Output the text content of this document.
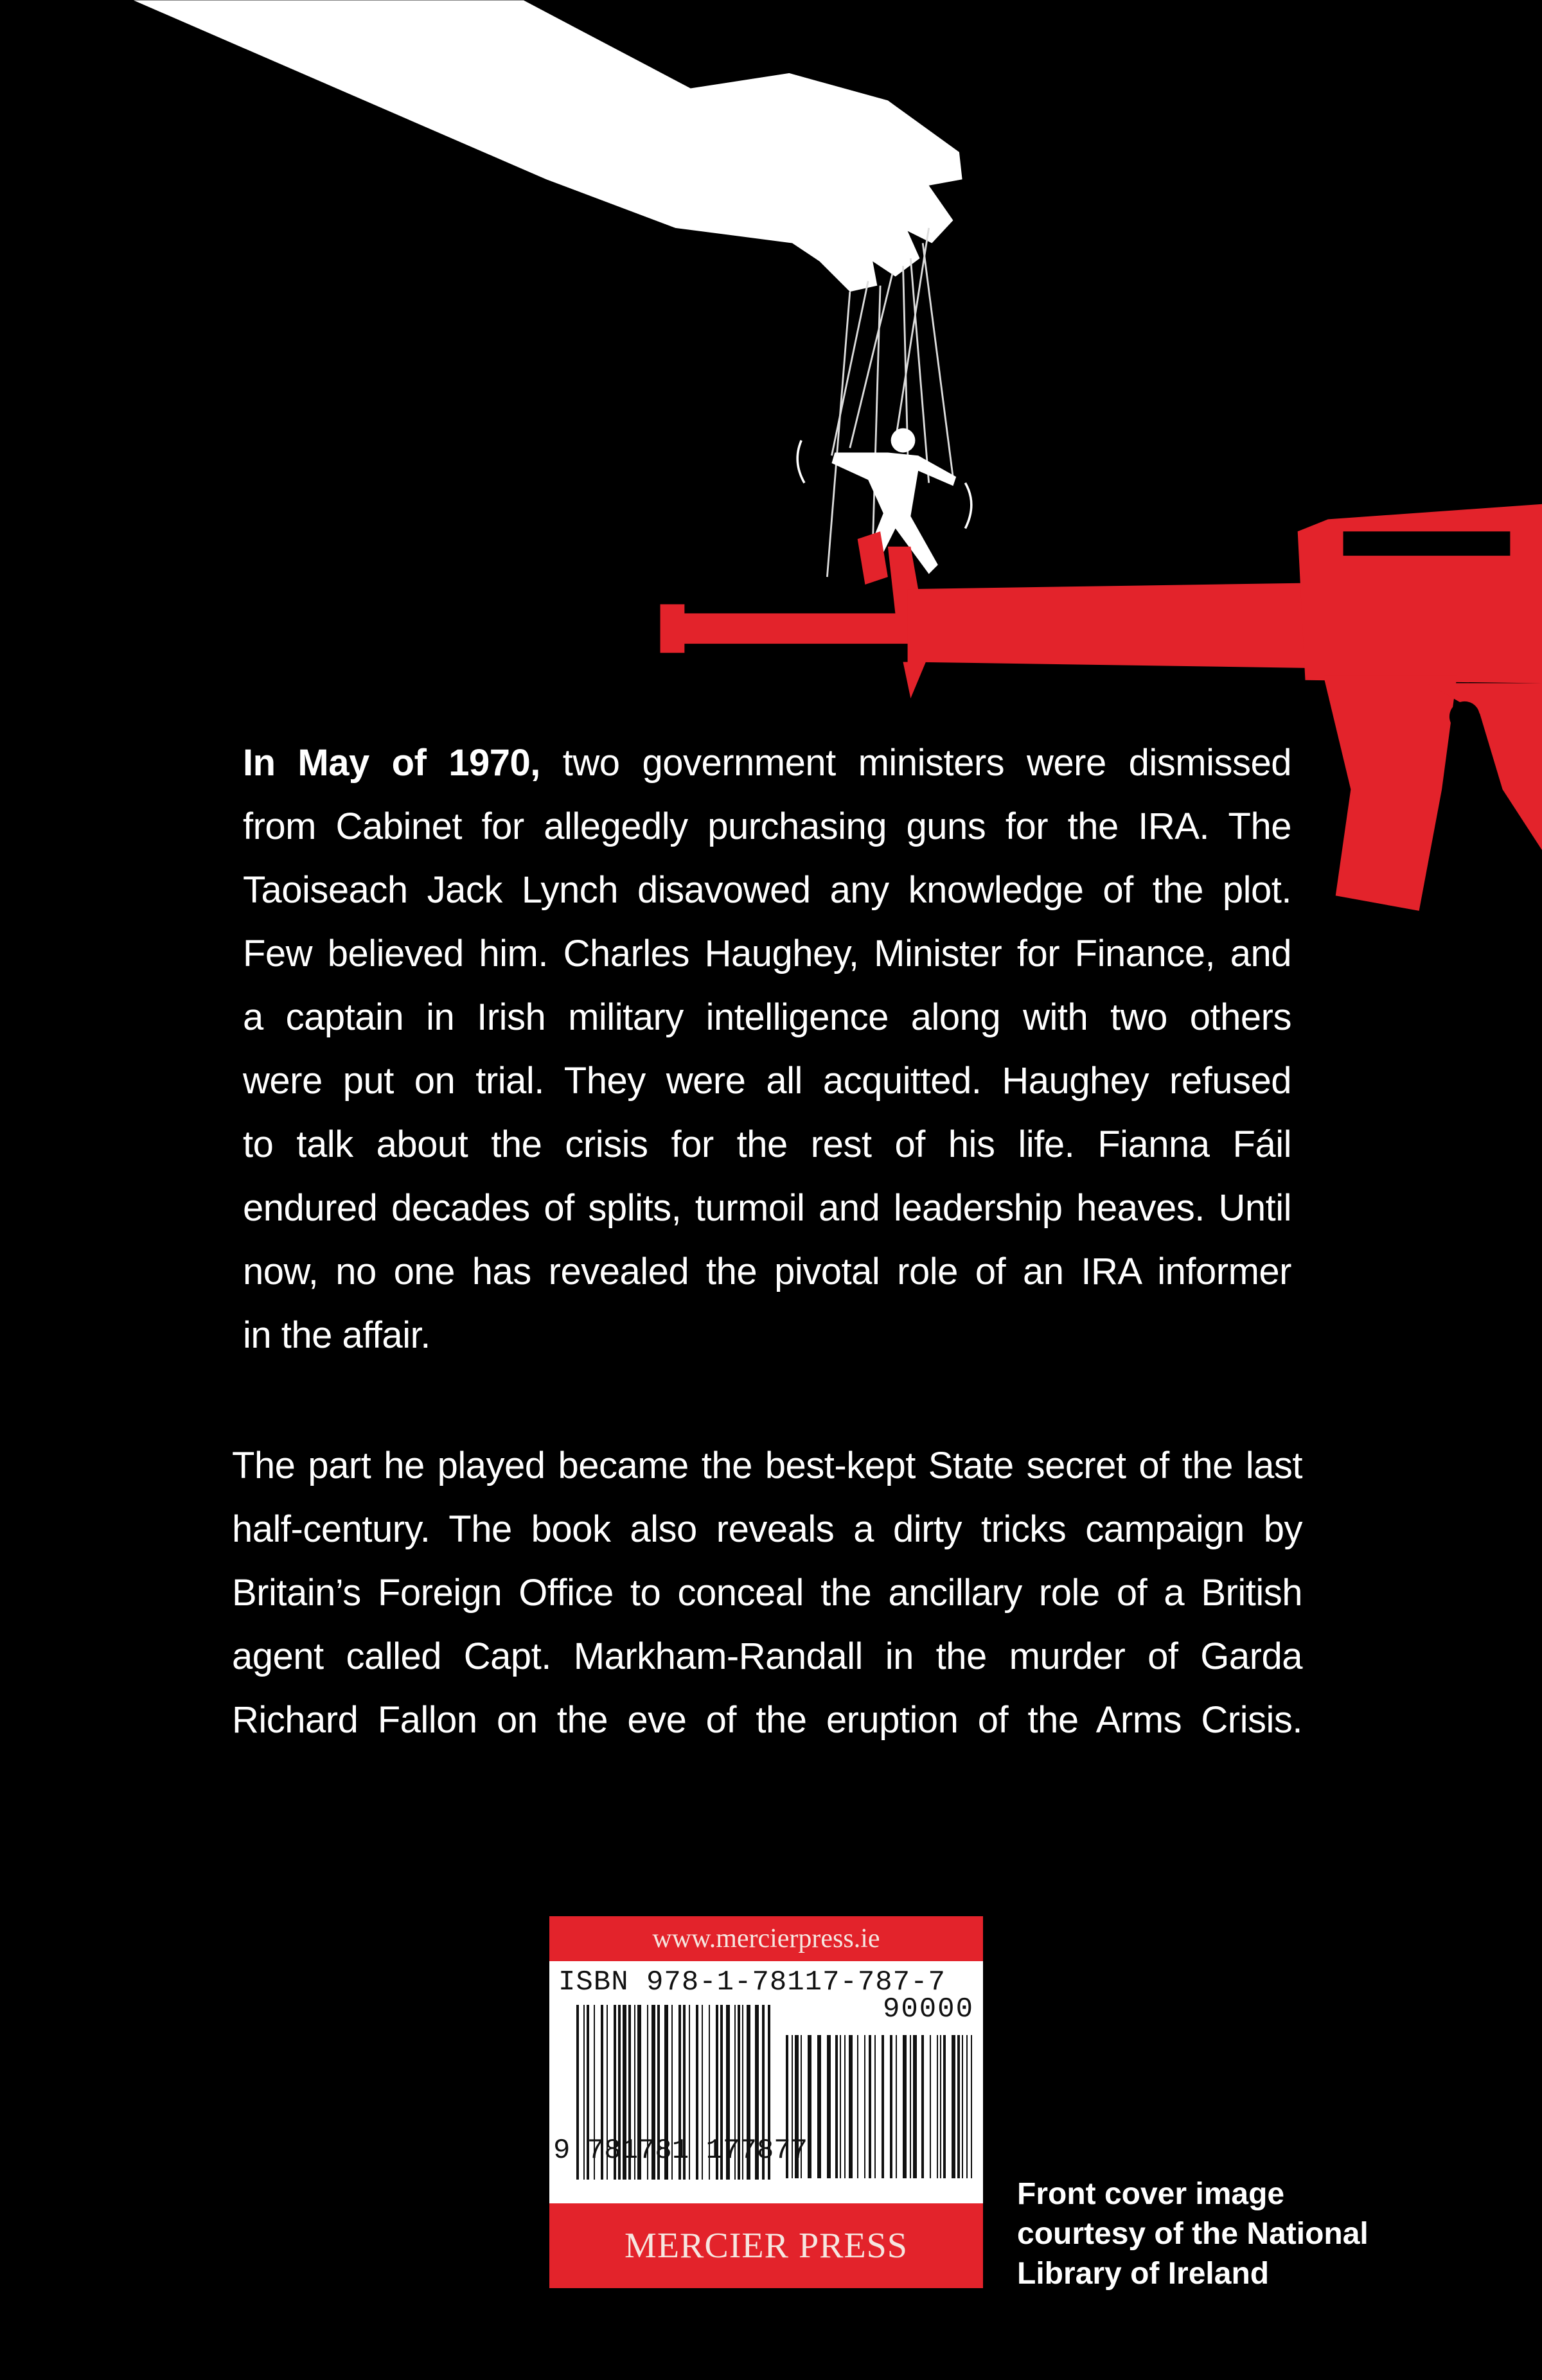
In May of 1970, two government ministers were dismissed
from Cabinet for allegedly purchasing guns for the IRA. The
Taoiseach Jack Lynch disavowed any knowledge of the plot.
Few believed him. Charles Haughey, Minister for Finance, and
a captain in Irish military intelligence along with two others
were put on trial. They were all acquitted. Haughey refused
to talk about the crisis for the rest of his life. Fianna Fáil
endured decades of splits, turmoil and leadership heaves. Until
now, no one has revealed the pivotal role of an IRA informer
in the affair.
The part he played became the best-kept State secret of the last
half-century. The book also reveals a dirty tricks campaign by
Britain’s Foreign Office to conceal the ancillary role of a British
agent called Capt. Markham-Randall in the murder of Garda
Richard Fallon on the eve of the eruption of the Arms Crisis.
www.mercierpress.ie
ISBN 978-1-78117-787-7
90000
9 781781 177877
MERCIER PRESS
Front cover image
courtesy of the National
Library of Ireland
